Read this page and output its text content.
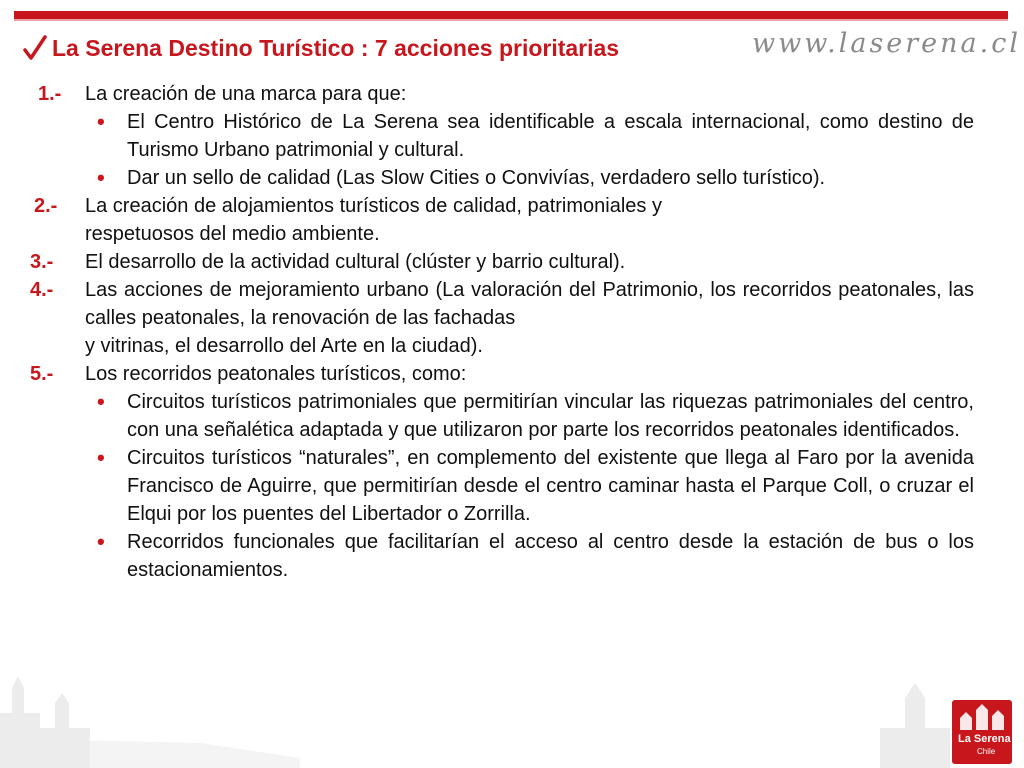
La Serena Destino Turístico : 7 acciones prioritarias	www.laserena.cl
1.- La creación de una marca para que:
• El Centro Histórico de La Serena sea identificable a escala internacional, como destino de Turismo Urbano patrimonial y cultural.
• Dar un sello de calidad (Las Slow Cities o Convivías, verdadero sello turístico).
2.- La creación de alojamientos turísticos de calidad, patrimoniales y
respetuosos del medio ambiente.
3.- El desarrollo de la actividad cultural (clúster y barrio cultural).
4.- Las acciones de mejoramiento urbano (La valoración del Patrimonio, los recorridos peatonales, las calles peatonales, la renovación de las fachadas
y vitrinas, el desarrollo del Arte en la ciudad).
5.- Los recorridos peatonales turísticos, como:
• Circuitos turísticos patrimoniales que permitirían vincular las riquezas patrimoniales del centro, con una señalética adaptada y que utilizaron por parte los recorridos peatonales identificados.
• Circuitos turísticos “naturales”, en complemento del existente que llega al Faro por la avenida Francisco de Aguirre, que permitirían desde el centro caminar hasta el Parque Coll, o cruzar el Elqui por los puentes del Libertador o Zorrilla.
• Recorridos funcionales que facilitarían el acceso al centro desde la estación de bus o los estacionamientos.
La Serena
Chile
